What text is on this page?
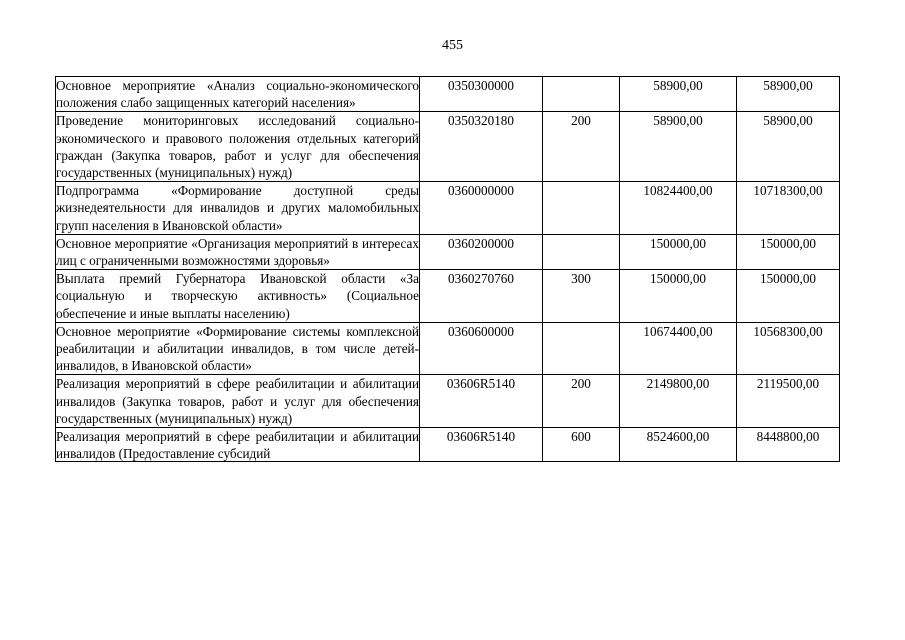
455
Основное мероприятие «Анализ социально-экономического положения слабо защищенных категорий населения»	0350300000		58900,00	58900,00
Проведение мониторинговых исследований социально-экономического и правового положения отдельных категорий граждан (Закупка товаров, работ и услуг для обеспечения государственных (муниципальных) нужд)	0350320180	200	58900,00	58900,00
Подпрограмма «Формирование доступной среды жизнедеятельности для инвалидов и других маломобильных групп населения в Ивановской области»	0360000000		10824400,00	10718300,00
Основное мероприятие «Организация мероприятий в интересах лиц с ограниченными возможностями здоровья»	0360200000		150000,00	150000,00
Выплата премий Губернатора Ивановской области «За социальную и творческую активность» (Социальное обеспечение и иные выплаты населению)	0360270760	300	150000,00	150000,00
Основное мероприятие «Формирование системы комплексной реабилитации и абилитации инвалидов, в том числе детей-инвалидов, в Ивановской области»	0360600000		10674400,00	10568300,00
Реализация мероприятий в сфере реабилитации и абилитации инвалидов (Закупка товаров, работ и услуг для обеспечения государственных (муниципальных) нужд)	03606R5140	200	2149800,00	2119500,00

Реализация мероприятий в сфере реабилитации и абилитации инвалидов (Предоставление субсидий	03606R5140	600	8524600,00	8448800,00
